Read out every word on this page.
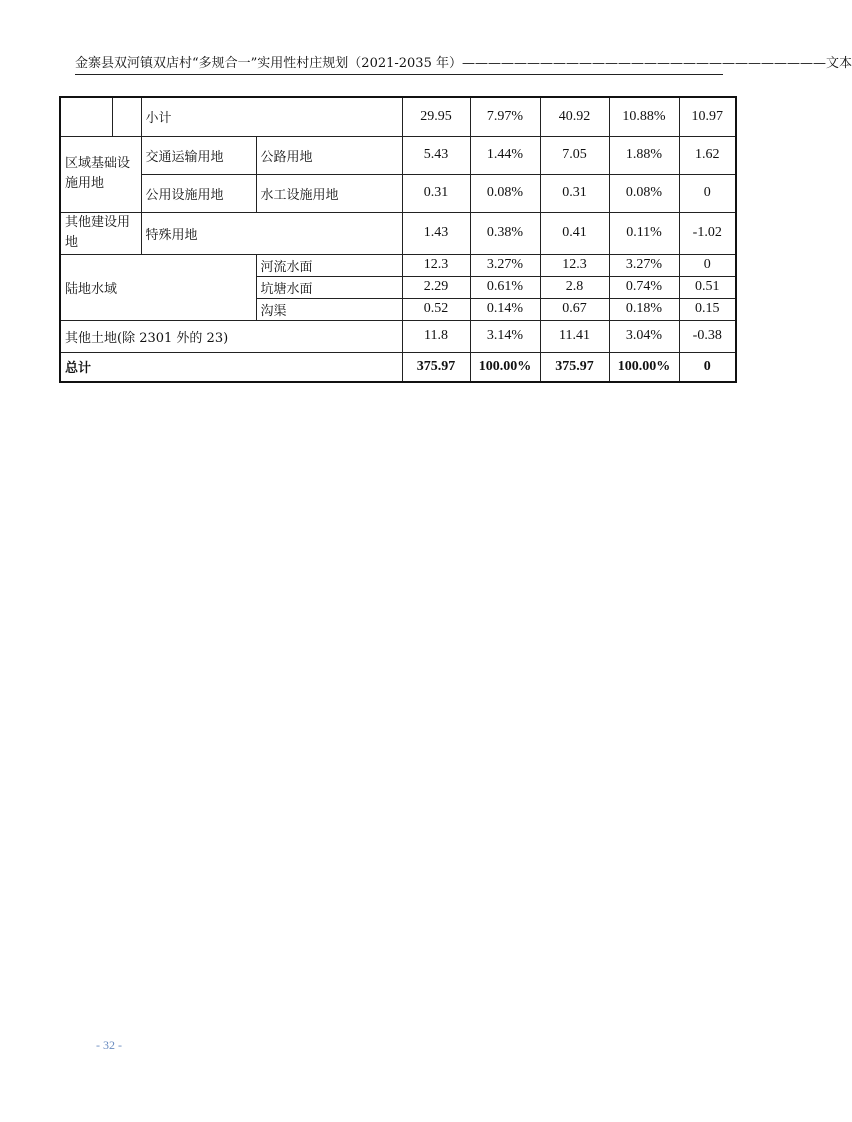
金寨县双河镇双店村“多规合一”实用性村庄规划（2021-2035 年）————————————————————————————文本
		小计		29.95	7.97%	40.92	10.88%	10.97
区域基础设施用地		交通运输用地	公路用地	5.43	1.44%	7.05	1.88%	1.62
		公用设施用地	水工设施用地	0.31	0.08%	0.31	0.08%	0
其他建设用地		特殊用地		1.43	0.38%	0.41	0.11%	-1.02
陆地水域			河流水面	12.3	3.27%	12.3	3.27%	0
			坑塘水面	2.29	0.61%	2.8	0.74%	0.51
			沟渠	0.52	0.14%	0.67	0.18%	0.15
其他土地(除 2301 外的 23)				11.8	3.14%	11.41	3.04%	-0.38
总计				375.97	100.00%	375.97	100.00%	0
- 32 -
